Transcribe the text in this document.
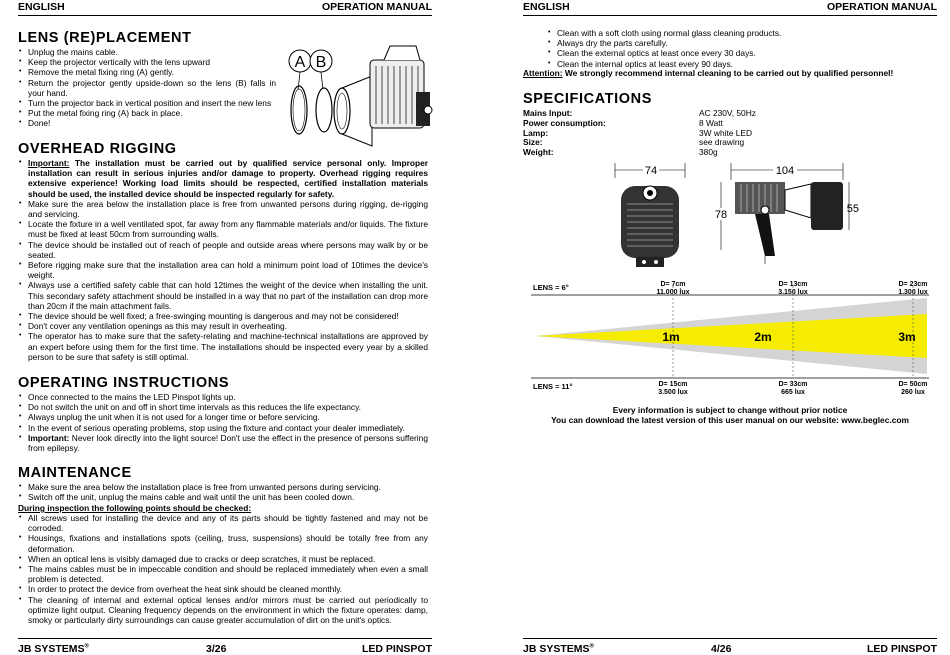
ENGLISH	OPERATION MANUAL
LENS (RE)PLACEMENT
• Unplug the mains cable.
• Keep the projector vertically with the lens upward
• Remove the metal fixing ring (A) gently.
• Return the projector gently upside-down so the lens (B) falls in your hand.
• Turn the projector back in vertical position and insert the new lens
• Put the metal fixing ring (A) back in place.
• Done!
A B
OVERHEAD RIGGING
• Important: The installation must be carried out by qualified service personal only. Improper installation can result in serious injuries and/or damage to property. Overhead rigging requires extensive experience! Working load limits should be respected, certified installation materials should be used, the installed device should be inspected regularly for safety.
• Make sure the area below the installation place is free from unwanted persons during rigging, de-rigging and servicing.
• Locate the fixture in a well ventilated spot, far away from any flammable materials and/or liquids. The fixture must be fixed at least 50cm from surrounding walls.
• The device should be installed out of reach of people and outside areas where persons may walk by or be seated.
• Before rigging make sure that the installation area can hold a minimum point load of 10times the device's weight.
• Always use a certified safety cable that can hold 12times the weight of the device when installing the unit. This secondary safety attachment should be installed in a way that no part of the installation can drop more than 20cm if the main attachment fails.
• The device should be well fixed; a free-swinging mounting is dangerous and may not be considered!
• Don't cover any ventilation openings as this may result in overheating.
• The operator has to make sure that the safety-relating and machine-technical installations are approved by an expert before using them for the first time. The installations should be inspected every year by a skilled person to be sure that safety is still optimal.
OPERATING INSTRUCTIONS
• Once connected to the mains the LED Pinspot lights up.
• Do not switch the unit on and off in short time intervals as this reduces the life expectancy.
• Always unplug the unit when it is not used for a longer time or before servicing.
• In the event of serious operating problems, stop using the fixture and contact your dealer immediately.
• Important: Never look directly into the light source! Don't use the effect in the presence of persons suffering from epilepsy.
MAINTENANCE
• Make sure the area below the installation place is free from unwanted persons during servicing.
• Switch off the unit, unplug the mains cable and wait until the unit has been cooled down.
During inspection the following points should be checked:
• All screws used for installing the device and any of its parts should be tightly fastened and may not be corroded.
• Housings, fixations and installations spots (ceiling, truss, suspensions) should be totally free from any deformation.
• When an optical lens is visibly damaged due to cracks or deep scratches, it must be replaced.
• The mains cables must be in impeccable condition and should be replaced immediately when even a small problem is detected.
• In order to protect the device from overheat the heat sink should be cleaned monthly.
• The cleaning of internal and external optical lenses and/or mirrors must be carried out periodically to optimize light output. Cleaning frequency depends on the environment in which the fixture operates: damp, smoky or particularly dirty surroundings can cause greater accumulation of dirt on the unit's optics.
JB SYSTEMS®	3/26	LED PINSPOT
ENGLISH	OPERATION MANUAL
• Clean with a soft cloth using normal glass cleaning products.
• Always dry the parts carefully.
• Clean the external optics at least once every 30 days.
• Clean the internal optics at least every 90 days.
Attention: We strongly recommend internal cleaning to be carried out by qualified personnel!
SPECIFICATIONS
Mains Input:	AC 230V, 50Hz
Power consumption:	8 Watt
Lamp:	3W white LED
Size:	see drawing
Weight:	380g
74	104
78	55
LENS = 6°
LENS = 11°
D= 7cm
11.000 lux
D= 13cm
3.150 lux
D= 23cm
1.300 lux
D= 15cm
3.500 lux
D= 33cm
665 lux
D= 50cm
260 lux
1m	2m	3m
Every information is subject to change without prior notice
You can download the latest version of this user manual on our website: www.beglec.com
JB SYSTEMS®	4/26	LED PINSPOT
